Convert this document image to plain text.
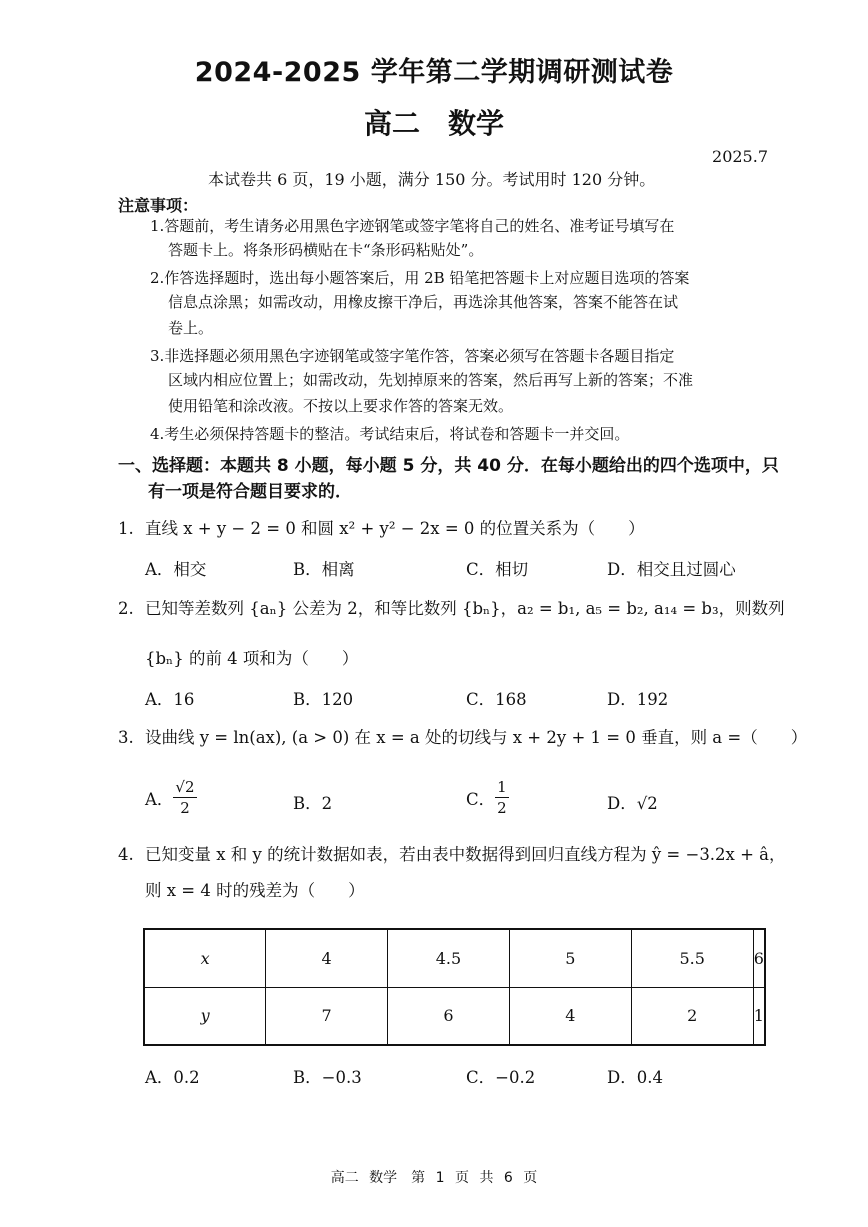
2024-2025 学年第二学期调研测试卷
高二　数学
2025.7
本试卷共 6 页，19 小题，满分 150 分。考试用时 120 分钟。
注意事项：
1.答题前，考生请务必用黑色字迹钢笔或签字笔将自己的姓名、准考证号填写在
答题卡上。将条形码横贴在卡“条形码粘贴处”。
2.作答选择题时，选出每小题答案后，用 2B 铅笔把答题卡上对应题目选项的答案
信息点涂黑；如需改动，用橡皮擦干净后，再选涂其他答案，答案不能答在试
卷上。
3.非选择题必须用黑色字迹钢笔或签字笔作答，答案必须写在答题卡各题目指定
区域内相应位置上；如需改动，先划掉原来的答案，然后再写上新的答案；不准
使用铅笔和涂改液。不按以上要求作答的答案无效。
4.考生必须保持答题卡的整洁。考试结束后，将试卷和答题卡一并交回。
一、选择题：本题共 8 小题，每小题 5 分，共 40 分．在每小题给出的四个选项中，只
有一项是符合题目要求的．
1. 直线 x + y − 2 = 0 和圆 x² + y² − 2x = 0 的位置关系为（　　）
A．相交	B．相离	C．相切	D．相交且过圆心
2. 已知等差数列 {aₙ} 公差为 2，和等比数列 {bₙ}，a₂ = b₁, a₅ = b₂, a₁₄ = b₃，则数列
{bₙ} 的前 4 项和为（　　）
A．16	B．120	C．168	D．192
3. 设曲线 y = ln(ax), (a > 0) 在 x = a 处的切线与 x + 2y + 1 = 0 垂直，则 a =（　　）
A． $\frac{√2}{2}$	B．2	C． $\frac{1}{2}$	D．√2
4. 已知变量 x 和 y 的统计数据如表，若由表中数据得到回归直线方程为 ŷ = −3.2x + â，
则 x = 4 时的残差为（　　）
x	4	4.5	5	5.5	6
y	7	6	4	2	1
A．0.2	B．−0.3	C．−0.2	D．0.4
高二 数学　第 1 页 共 6 页
